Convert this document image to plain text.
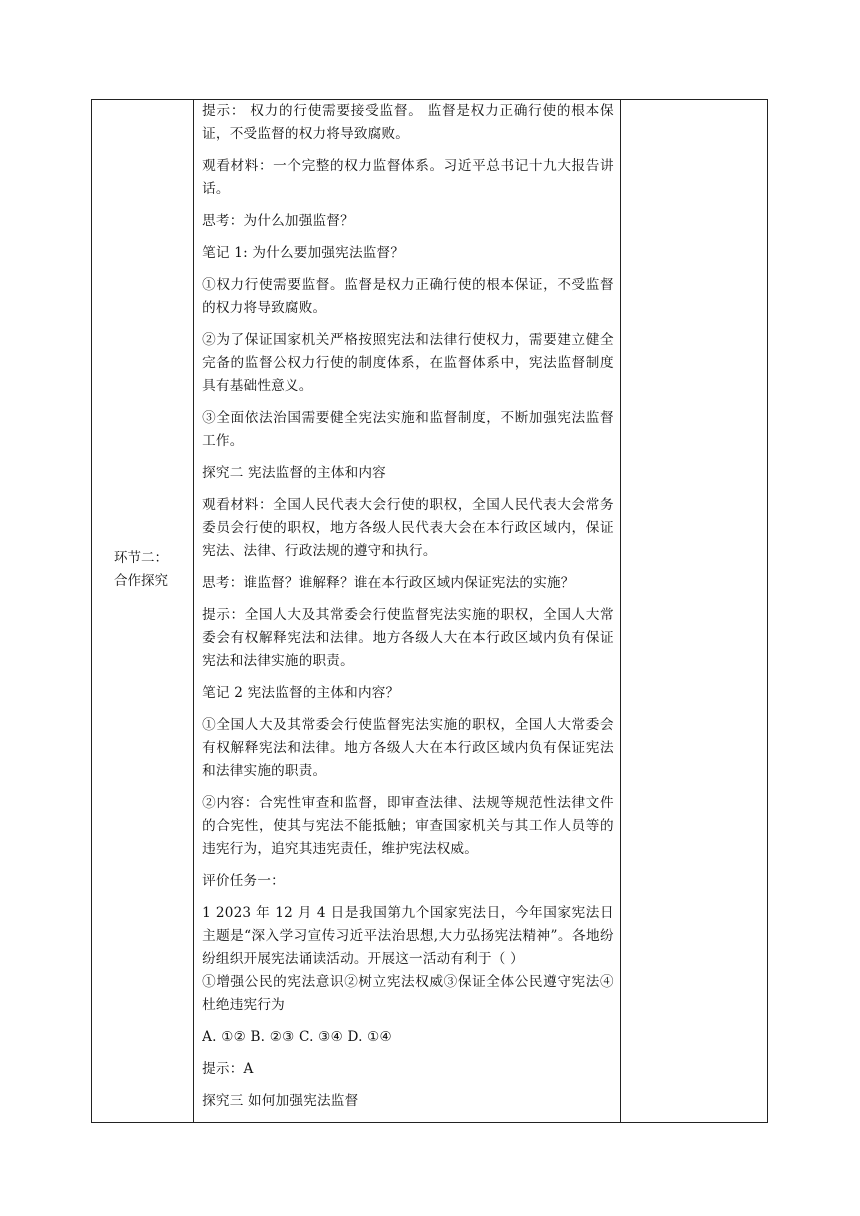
环节二：
合作探究

提示： 权力的行使需要接受监督。 监督是权力正确行使的根本保证，不受监督的权力将导致腐败。

观看材料：一个完整的权力监督体系。习近平总书记十九大报告讲话。

思考：为什么加强监督？

笔记 1: 为什么要加强宪法监督？

①权力行使需要监督。监督是权力正确行使的根本保证，不受监督的权力将导致腐败。

②为了保证国家机关严格按照宪法和法律行使权力，需要建立健全完备的监督公权力行使的制度体系，在监督体系中，宪法监督制度具有基础性意义。

③全面依法治国需要健全宪法实施和监督制度，不断加强宪法监督工作。

探究二 宪法监督的主体和内容

观看材料：全国人民代表大会行使的职权，全国人民代表大会常务委员会行使的职权，地方各级人民代表大会在本行政区域内，保证宪法、法律、行政法规的遵守和执行。

思考：谁监督？谁解释？谁在本行政区域内保证宪法的实施？

提示：全国人大及其常委会行使监督宪法实施的职权，全国人大常委会有权解释宪法和法律。地方各级人大在本行政区域内负有保证宪法和法律实施的职责。

笔记 2 宪法监督的主体和内容？

①全国人大及其常委会行使监督宪法实施的职权，全国人大常委会有权解释宪法和法律。地方各级人大在本行政区域内负有保证宪法和法律实施的职责。

②内容：合宪性审查和监督，即审查法律、法规等规范性法律文件的合宪性，使其与宪法不能抵触；审查国家机关与其工作人员等的违宪行为，追究其违宪责任，维护宪法权威。

评价任务一：

1 2023 年 12 月 4 日是我国第九个国家宪法日，今年国家宪法日主题是“深入学习宣传习近平法治思想,大力弘扬宪法精神”。各地纷纷组织开展宪法诵读活动。开展这一活动有利于（ ）

①增强公民的宪法意识②树立宪法权威③保证全体公民遵守宪法④杜绝违宪行为

A. ①② B. ②③ C. ③④ D. ①④

提示：A

探究三 如何加强宪法监督
